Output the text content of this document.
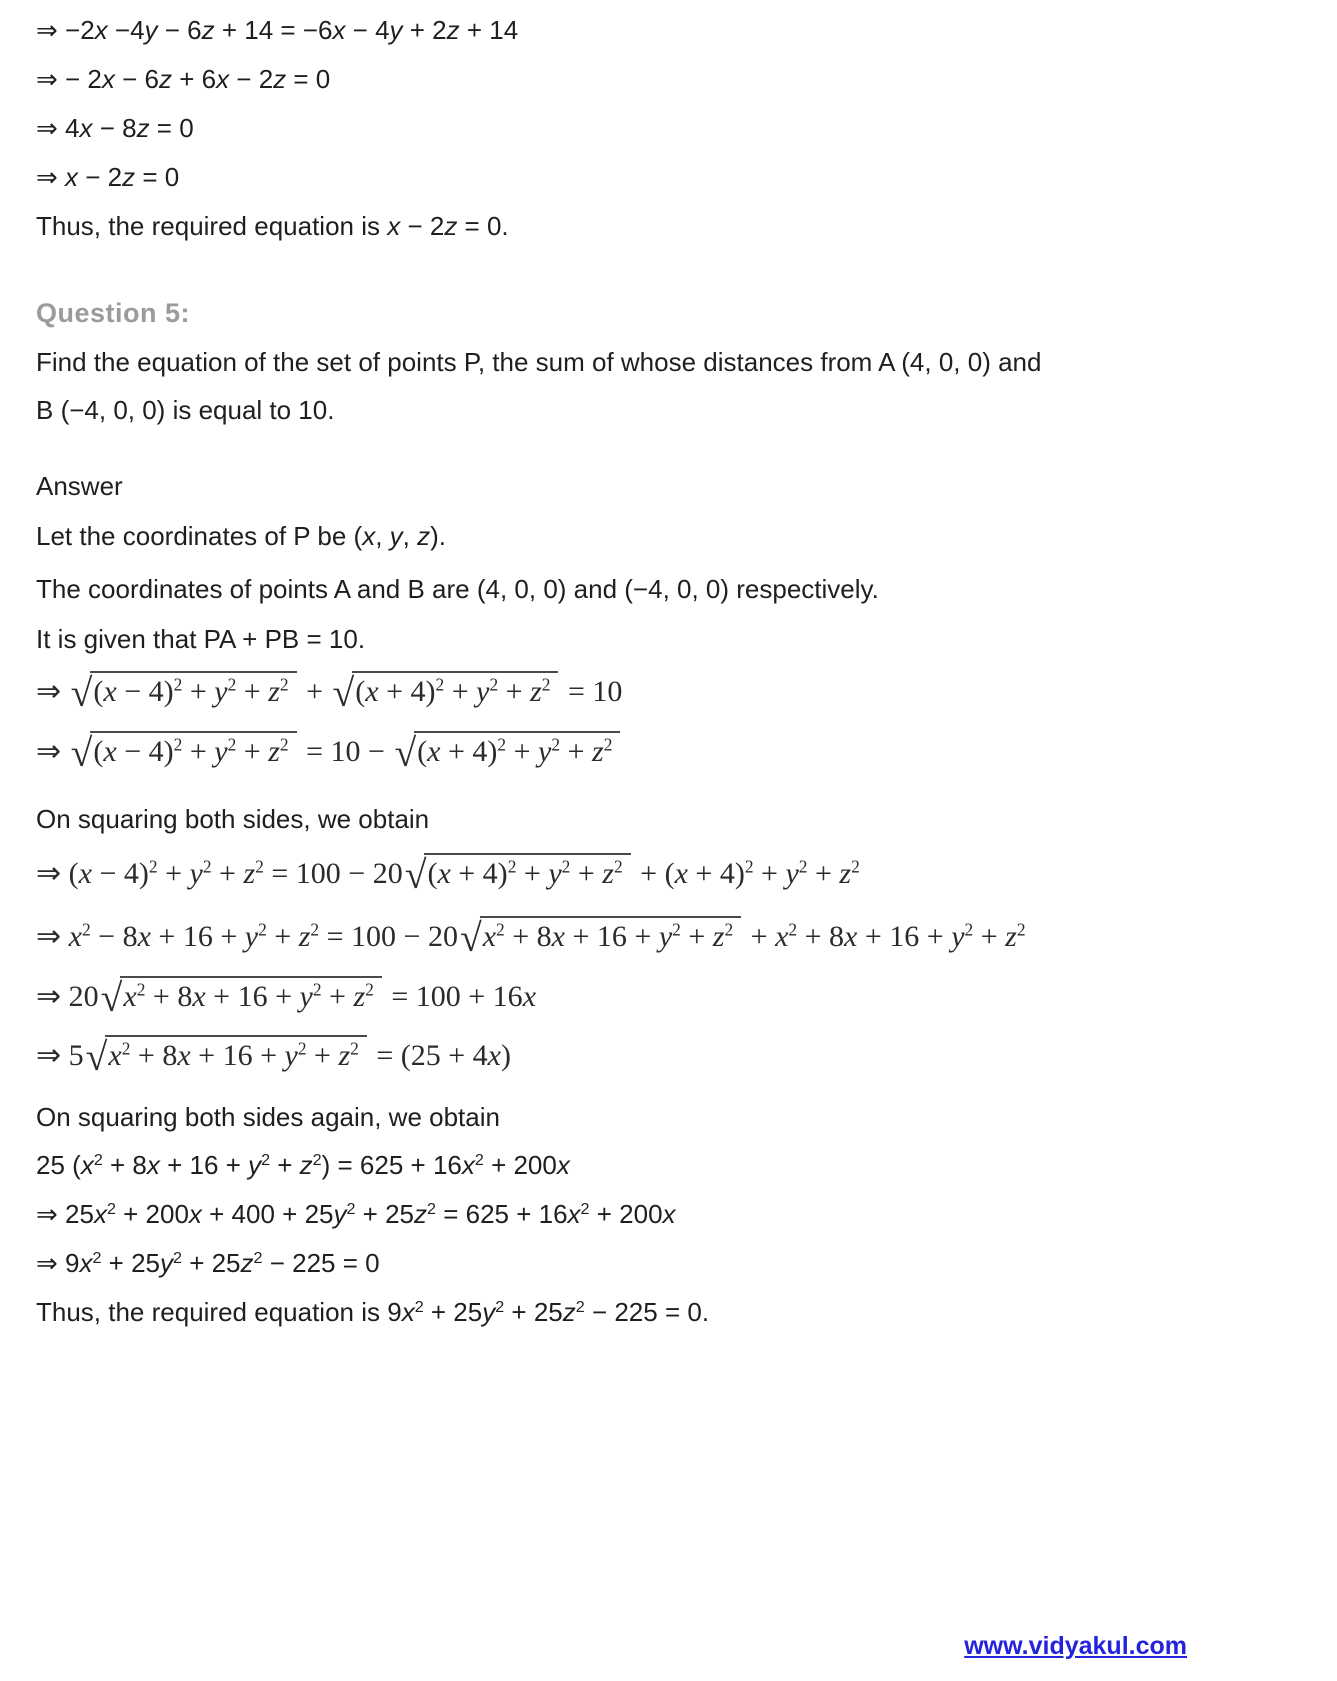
⇒ −2x −4y − 6z + 14 = −6x − 4y + 2z + 14
⇒ − 2x − 6z + 6x − 2z = 0
⇒ 4x − 8z = 0
⇒ x − 2z = 0
Thus, the required equation is x − 2z = 0.
Question 5:
Find the equation of the set of points P, the sum of whose distances from A (4, 0, 0) and
B (−4, 0, 0) is equal to 10.
Answer
Let the coordinates of P be (x, y, z).
The coordinates of points A and B are (4, 0, 0) and (−4, 0, 0) respectively.
It is given that PA + PB = 10.
⇒ √ $(x - 4)^2 + y^2 + z^2$ + √ $(x + 4)^2 + y^2 + z^2 = 10$
⇒ √ $(x - 4)^2 + y^2 + z^2 = 10$ − √ $(x + 4)^2 + y^2 + z^2$
On squaring both sides, we obtain
⇒ $(x - 4)^2 + y^2 + z^2 = 100 - 20√$ $(x + 4)^2 + y^2 + z^2 + (x + 4)^2 + y^2 + z^2$
⇒ $x^2 - 8x + 16 + y^2 + z^2 = 100 - 20√$ $x^2 + 8x + 16 + y^2 + z^2 + x^2 + 8x + 16 + y^2 + z^2$
⇒ 20√ $x^2 + 8x + 16 + y^2 + z^2 = 100 + 16x$
⇒ 5√ $x^2 + 8x + 16 + y^2 + z^2 = (25 + 4x)$
On squaring both sides again, we obtain
25 $(x^2 + 8x + 16 + y^2 + z^2) = 625 + 16x^2 + 200x$
⇒ $25x^2 + 200x + 400 + 25y^2 + 25z^2 = 625 + 16x^2 + 200x$
⇒ $9x^2 + 25y^2 + 25z^2 - 225 = 0$
Thus, the required equation is $9x^2 + 25y^2 + 25z^2 - 225 = 0$.
www.vidyakul.com
